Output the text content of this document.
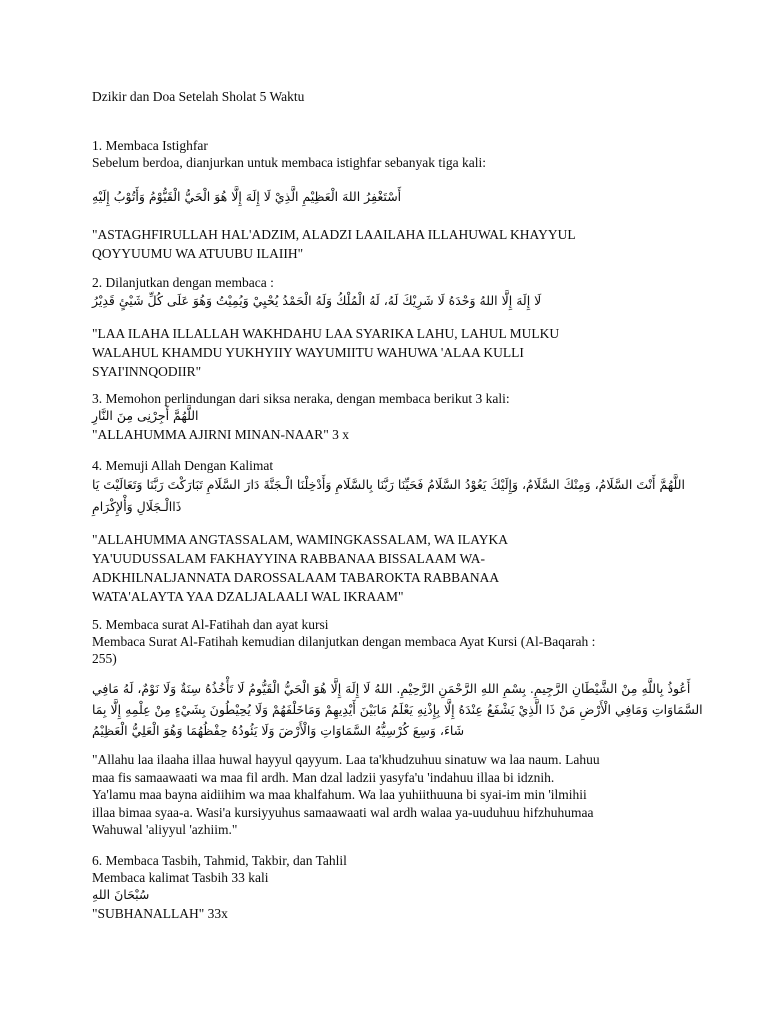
Dzikir dan Doa Setelah Sholat 5 Waktu
1. Membaca Istighfar
Sebelum berdoa, dianjurkan untuk membaca istighfar sebanyak tiga kali:
أَسْتَغْفِرُ اللهَ الْعَظِيْمِ الَّذِيْ لَا إِلَهَ إِلَّا هُوَ الْحَيُّ الْقَيُّوْمُ وَأَتُوْبُ إِلَيْهِ
"ASTAGHFIRULLAH HAL'ADZIM, ALADZI LAAILAHA ILLAHUWAL KHAYYUL
QOYYUUMU WA ATUUBU ILAIIH"
2. Dilanjutkan dengan membaca :
لَا إِلَهَ إِلَّا اللهُ وَحْدَهُ لَا شَرِيْكَ لَهُ، لَهُ الْمُلْكُ وَلَهُ الْحَمْدُ يُحْيِيْ وَيُمِيْتُ وَهُوَ عَلَى كُلِّ شَيْئٍ قَدِيْرُ
"LAA ILAHA ILLALLAH WAKHDAHU LAA SYARIKA LAHU, LAHUL MULKU
WALAHUL KHAMDU YUKHYIIY WAYUMIITU WAHUWA 'ALAA KULLI
SYAI'INNQODIIR"
3. Memohon perlindungan dari siksa neraka, dengan membaca berikut 3 kali:
اللَّهُمَّ أَجِرْنِى مِنَ النَّارِ
"ALLAHUMMA AJIRNI MINAN-NAAR" 3 x
4. Memuji Allah Dengan Kalimat
اللَّهُمَّ أَنْتَ السَّلَامُ، وَمِنْكَ السَّلَامُ، وَإِلَيْكَ يَعُوْدُ السَّلَامُ فَحَيِّنَا رَبَّنَا بِالسَّلَامِ وَأَدْخِلْنَا الْـجَنَّةَ دَارَ السَّلَامِ تَبَارَكْتَ رَبَّنَا وَتَعَالَيْتَ يَا
ذَاالْـجَلَالِ وَأْلإِكْرَامِ
"ALLAHUMMA ANGTASSALAM, WAMINGKASSALAM, WA ILAYKA
YA'UUDUSSALAM FAKHAYYINA RABBANAA BISSALAAM WA-
ADKHILNALJANNATA DAROSSALAAM TABAROKTA RABBANAA
WATA'ALAYTA YAA DZALJALAALI WAL IKRAAM"
5. Membaca surat Al-Fatihah dan ayat kursi
Membaca Surat Al-Fatihah kemudian dilanjutkan dengan membaca Ayat Kursi (Al-Baqarah :
255)
أَعُوذُ بِاللَّهِ مِنْ الشَّيْطَانِ الرَّجِيمِ. بِسْمِ اللهِ الرَّحْمَنِ الرَّحِيْمِ. اللهُ لَا إِلَهَ إِلَّا هُوَ الْحَيُّ الْقَيُّومُ لَا تَأْخُذُهُ سِنَةٌ وَلَا نَوْمٌ، لَهُ مَافِي
السَّمَاوَاتِ وَمَافِي الْأَرْضِ مَنْ ذَا الَّذِيْ يَشْفَعُ عِنْدَهُ إِلَّا بِإِذْنِهِ يَعْلَمُ مَابَيْنَ أَيْدِيهِمْ وَمَاخَلْفَهُمْ وَلَا يُحِيْطُونَ بِشَيْءٍ مِنْ عِلْمِهِ إِلَّا بِمَا
شَاءَ، وَسِعَ كُرْسِيُّهُ السَّمَاوَاتِ وَالْأَرْضَ وَلَا يَئُودُهُ حِفْظُهُمَا وَهُوَ الْعَلِيُّ الْعَظِيْمُ
"Allahu laa ilaaha illaa huwal hayyul qayyum. Laa ta'khudzuhuu sinatuw wa laa naum. Lahuu
maa fis samaawaati wa maa fil ardh. Man dzal ladzii yasyfa'u 'indahuu illaa bi idznih.
Ya'lamu maa bayna aidiihim wa maa khalfahum. Wa laa yuhiithuuna bi syai-im min 'ilmihii
illaa bimaa syaa-a. Wasi'a kursiyyuhus samaawaati wal ardh walaa ya-uuduhuu hifzhuhumaa
Wahuwal 'aliyyul 'azhiim."
6. Membaca Tasbih, Tahmid, Takbir, dan Tahlil
Membaca kalimat Tasbih 33 kali
سُبْحَانَ اللهِ
"SUBHANALLAH" 33x
